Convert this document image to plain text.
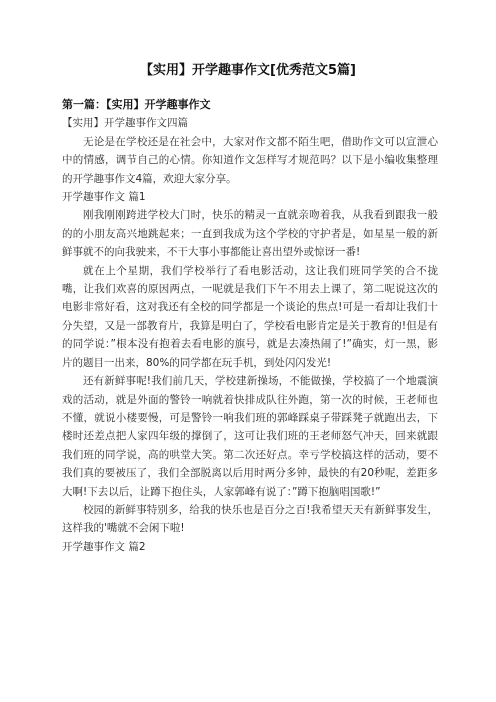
【实用】开学趣事作文[优秀范文5篇]

第一篇：【实用】开学趣事作文

【实用】开学趣事作文四篇

无论是在学校还是在社会中，大家对作文都不陌生吧，借助作文可以宣泄心中的情感，调节自己的心情。你知道作文怎样写才规范吗？以下是小编收集整理的开学趣事作文4篇，欢迎大家分享。

开学趣事作文 篇1

刚我刚刚跨进学校大门时，快乐的精灵一直就亲吻着我，从我看到跟我一般的的小朋友高兴地跳起来；一直到我成为这个学校的守护者是，如星星一般的新鲜事就不的向我驶来，不干大事小事都能让喜出望外或惊讶一番!

就在上个星期，我们学校举行了看电影活动，这让我们班同学笑的合不拢嘴，让我们欢喜的原因两点，一呢就是我们下午不用去上课了，第二呢说这次的电影非常好看，这对我还有全校的同学都是一个谈论的焦点!可是一看却让我们十分失望，又是一部教育片，我算是明白了，学校看电影肯定是关于教育的!但是有的同学说：”根本没有抱着去看电影的旗号，就是去凑热闹了!”确实，灯一黑，影片的题目一出来，80%的同学都在玩手机，到处闪闪发光!

还有新鲜事呢!我们前几天，学校建新操场，不能做操，学校搞了一个地震演戏的活动，就是外面的警铃一响就着快排成队往外跑，第一次的时候，王老师也不懂，就说小楼要慢，可是警铃一响我们班的郭峰踩桌子带踩凳子就跑出去，下楼时还差点把人家四年级的撑倒了，这可让我们班的王老师怒气冲天，回来就跟我们班的同学说，高的哄堂大笑。第二次还好点。幸亏学校搞这样的活动，要不我们真的要被压了，我们全部脱离以后用时两分多钟，最快的有20秒呢，差距多大啊!下去以后，让蹲下抱住头，人家郭峰有说了：”蹲下抱脑唱国歌!”

校园的新鲜事特别多，给我的快乐也是百分之百!我希望天天有新鲜事发生，这样我的'嘴就不会闲下啦!

开学趣事作文 篇2
